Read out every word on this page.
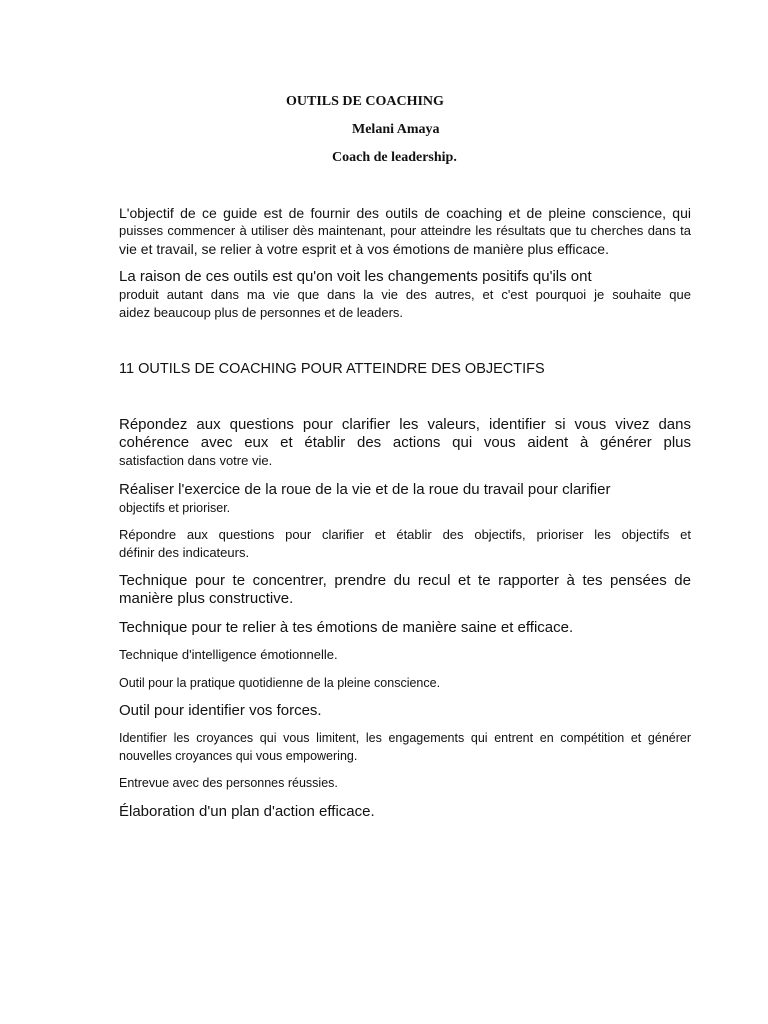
OUTILS DE COACHING
Melani Amaya
Coach de leadership.
L'objectif de ce guide est de fournir des outils de coaching et de pleine conscience, qui
puisses commencer à utiliser dès maintenant, pour atteindre les résultats que tu cherches dans ta
vie et travail, se relier à votre esprit et à vos émotions de manière plus efficace.
La raison de ces outils est qu'on voit les changements positifs qu'ils ont
produit autant dans ma vie que dans la vie des autres, et c'est pourquoi je souhaite que
aidez beaucoup plus de personnes et de leaders.
11 OUTILS DE COACHING POUR ATTEINDRE DES OBJECTIFS
Répondez aux questions pour clarifier les valeurs, identifier si vous vivez dans
cohérence avec eux et établir des actions qui vous aident à générer plus
satisfaction dans votre vie.
Réaliser l'exercice de la roue de la vie et de la roue du travail pour clarifier
objectifs et prioriser.
Répondre aux questions pour clarifier et établir des objectifs, prioriser les objectifs et
définir des indicateurs.
Technique pour te concentrer, prendre du recul et te rapporter à tes pensées de
manière plus constructive.
Technique pour te relier à tes émotions de manière saine et efficace.
Technique d'intelligence émotionnelle.
Outil pour la pratique quotidienne de la pleine conscience.
Outil pour identifier vos forces.
Identifier les croyances qui vous limitent, les engagements qui entrent en compétition et générer
nouvelles croyances qui vous empowering.
Entrevue avec des personnes réussies.
Élaboration d'un plan d'action efficace.
